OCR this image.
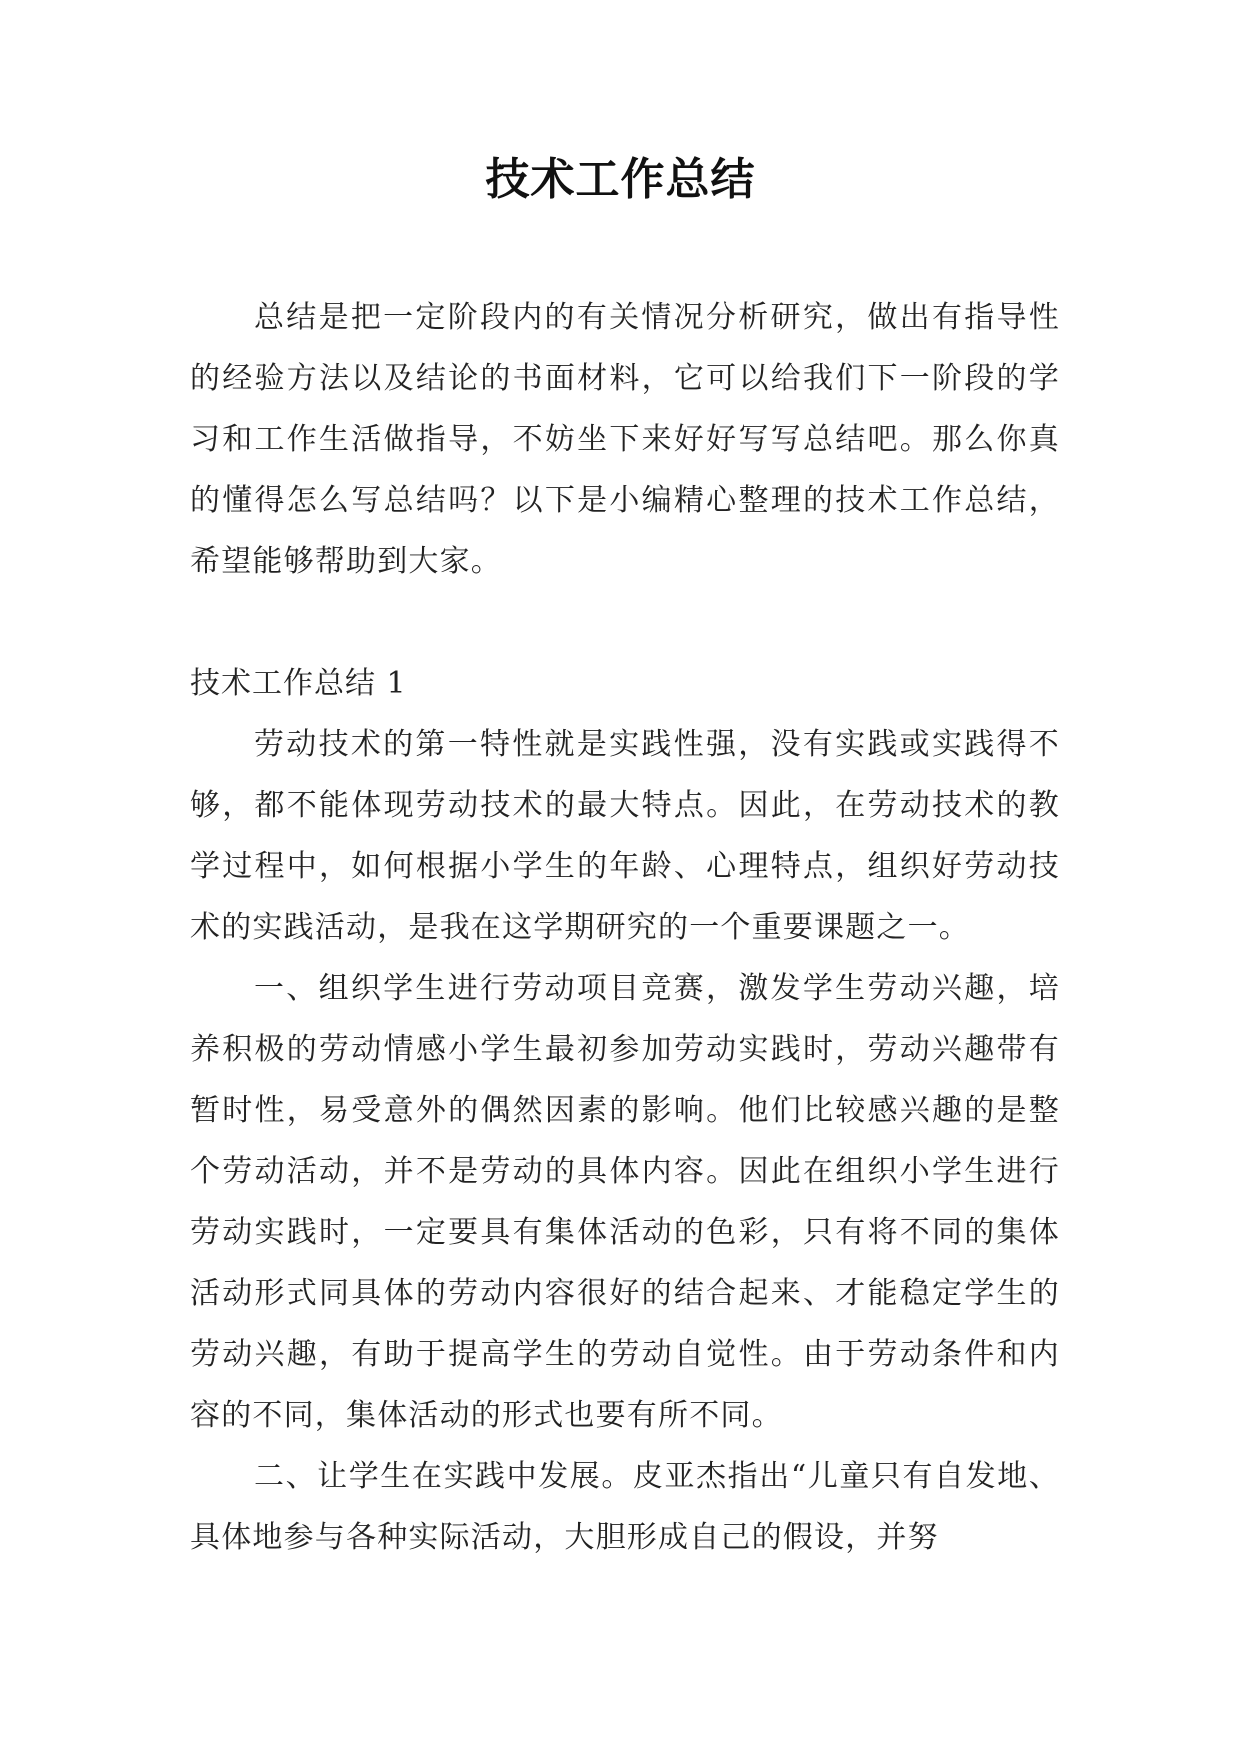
技术工作总结

总结是把一定阶段内的有关情况分析研究，做出有指导性的经验方法以及结论的书面材料，它可以给我们下一阶段的学习和工作生活做指导，不妨坐下来好好写写总结吧。那么你真的懂得怎么写总结吗？以下是小编精心整理的技术工作总结，希望能够帮助到大家。

技术工作总结 1

劳动技术的第一特性就是实践性强，没有实践或实践得不够，都不能体现劳动技术的最大特点。因此，在劳动技术的教学过程中，如何根据小学生的年龄、心理特点，组织好劳动技术的实践活动，是我在这学期研究的一个重要课题之一。

一、组织学生进行劳动项目竞赛，激发学生劳动兴趣，培养积极的劳动情感小学生最初参加劳动实践时，劳动兴趣带有暂时性，易受意外的偶然因素的影响。他们比较感兴趣的是整个劳动活动，并不是劳动的具体内容。因此在组织小学生进行劳动实践时，一定要具有集体活动的色彩，只有将不同的集体活动形式同具体的劳动内容很好的结合起来、才能稳定学生的劳动兴趣，有助于提高学生的劳动自觉性。由于劳动条件和内容的不同，集体活动的形式也要有所不同。

二、让学生在实践中发展。皮亚杰指出“儿童只有自发地、具体地参与各种实际活动，大胆形成自己的假设，并努
